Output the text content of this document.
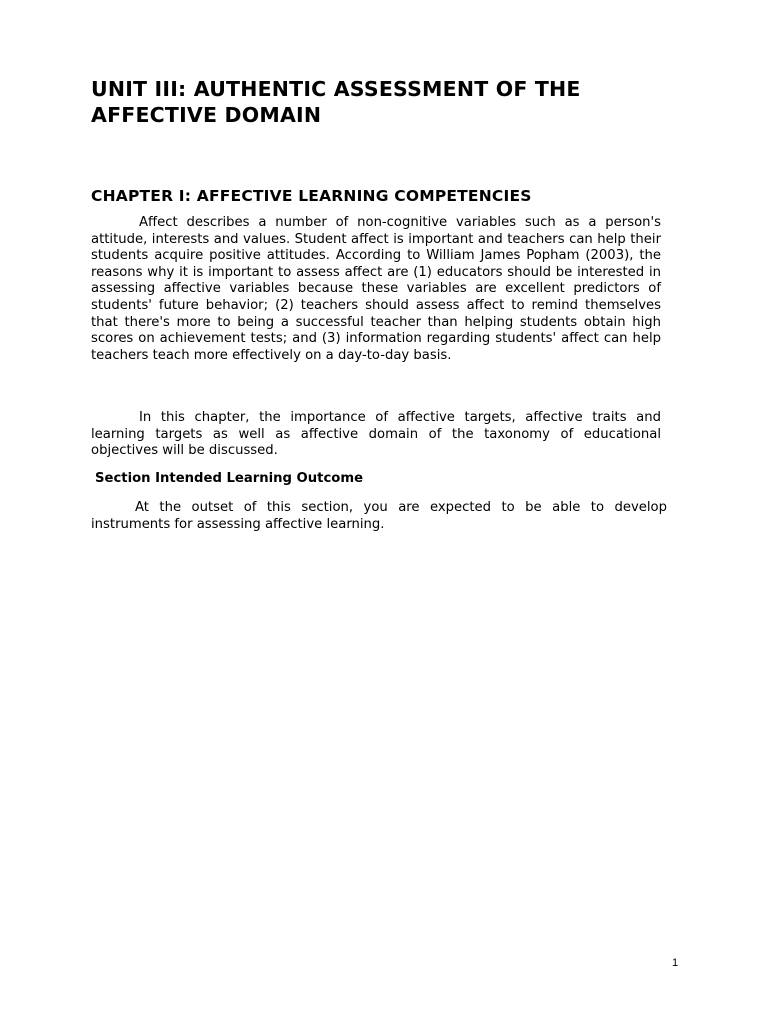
UNIT III: AUTHENTIC ASSESSMENT OF THE AFFECTIVE DOMAIN
CHAPTER I: AFFECTIVE LEARNING COMPETENCIES

Affect describes a number of non-cognitive variables such as a person's attitude, interests and values. Student affect is important and teachers can help their students acquire positive attitudes. According to William James Popham (2003), the reasons why it is important to assess affect are (1) educators should be interested in assessing affective variables because these variables are excellent predictors of students' future behavior; (2) teachers should assess affect to remind themselves that there's more to being a successful teacher than helping students obtain high scores on achievement tests; and (3) information regarding students' affect can help teachers teach more effectively on a day-to-day basis.

In this chapter, the importance of affective targets, affective traits and learning targets as well as affective domain of the taxonomy of educational objectives will be discussed.

Section Intended Learning Outcome

At the outset of this section, you are expected to be able to develop instruments for assessing affective learning.

1
